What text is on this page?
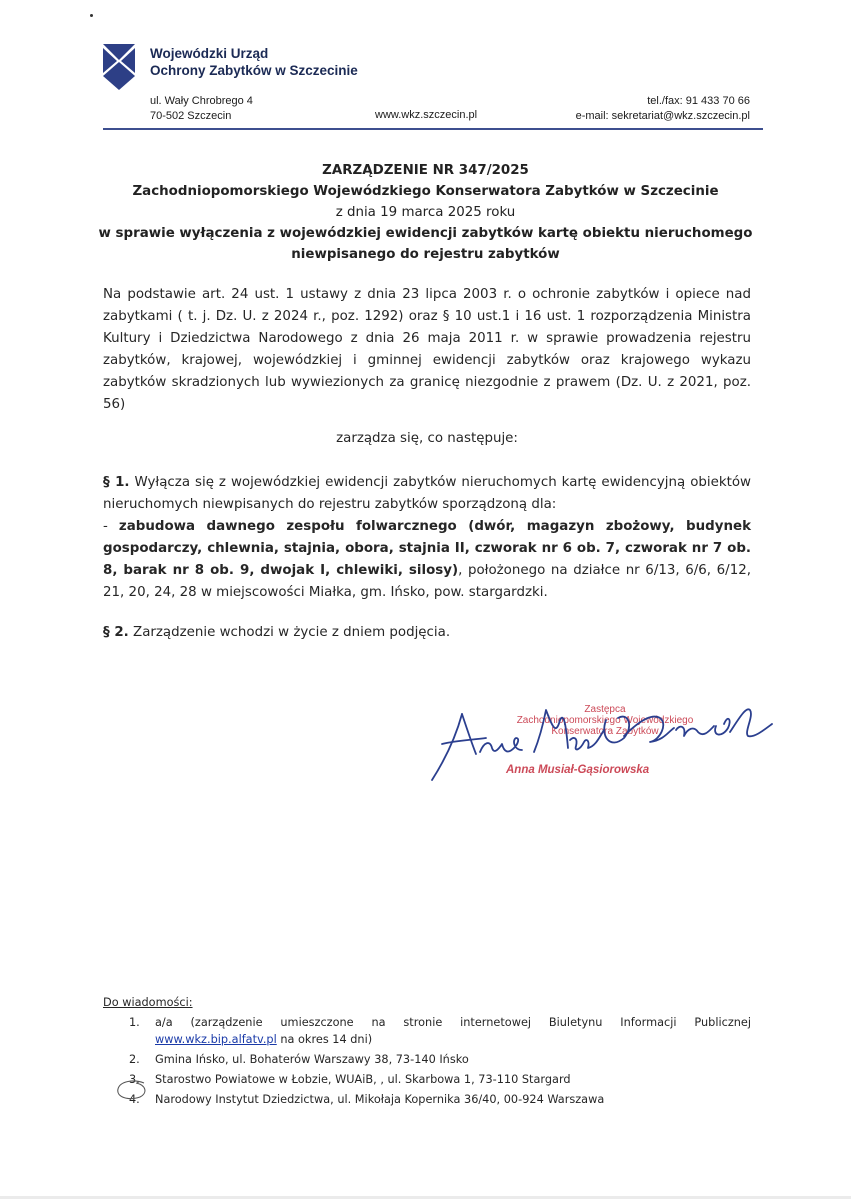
Wojewódzki Urząd
Ochrony Zabytków w Szczecinie
ul. Wały Chrobrego 4
70-502 Szczecin	www.wkz.szczecin.pl
tel./fax: 91 433 70 66
e-mail: sekretariat@wkz.szczecin.pl
ZARZĄDZENIE NR 347/2025
Zachodniopomorskiego Wojewódzkiego Konserwatora Zabytków w Szczecinie
z dnia 19 marca 2025 roku
w sprawie wyłączenia z wojewódzkiej ewidencji zabytków kartę obiektu nieruchomego
niewpisanego do rejestru zabytków
Na podstawie art. 24 ust. 1 ustawy z dnia 23 lipca 2003 r. o ochronie zabytków i opiece nad zabytkami ( t. j. Dz. U. z 2024 r., poz. 1292) oraz § 10 ust.1 i 16 ust. 1 rozporządzenia Ministra Kultury i Dziedzictwa Narodowego z dnia 26 maja 2011 r. w sprawie prowadzenia rejestru zabytków, krajowej, wojewódzkiej i gminnej ewidencji zabytków oraz krajowego wykazu zabytków skradzionych lub wywiezionych za granicę niezgodnie z prawem (Dz. U. z 2021, poz. 56)
zarządza się, co następuje:
§ 1. Wyłącza się z wojewódzkiej ewidencji zabytków nieruchomych kartę ewidencyjną obiektów nieruchomych niewpisanych do rejestru zabytków sporządzoną dla:
- zabudowa dawnego zespołu folwarcznego (dwór, magazyn zbożowy, budynek gospodarczy, chlewnia, stajnia, obora, stajnia II, czworak nr 6 ob. 7, czworak nr 7 ob. 8, barak nr 8 ob. 9, dwojak I, chlewiki, silosy), położonego na działce nr 6/13, 6/6, 6/12, 21, 20, 24, 28 w miejscowości Miałka, gm. Ińsko, pow. stargardzki.
§ 2. Zarządzenie wchodzi w życie z dniem podjęcia.
Zastępca
Zachodniopomorskiego Wojewódzkiego
Konserwatora Zabytków
Anna Musiał-Gąsiorowska
Do wiadomości:
1. a/a (zarządzenie umieszczone na stronie internetowej Biuletynu Informacji Publicznej www.wkz.bip.alfatv.pl na okres 14 dni)
2. Gmina Ińsko, ul. Bohaterów Warszawy 38, 73-140 Ińsko
3. Starostwo Powiatowe w Łobzie, WUAiB, , ul. Skarbowa 1, 73-110 Stargard
4. Narodowy Instytut Dziedzictwa, ul. Mikołaja Kopernika 36/40, 00-924 Warszawa
